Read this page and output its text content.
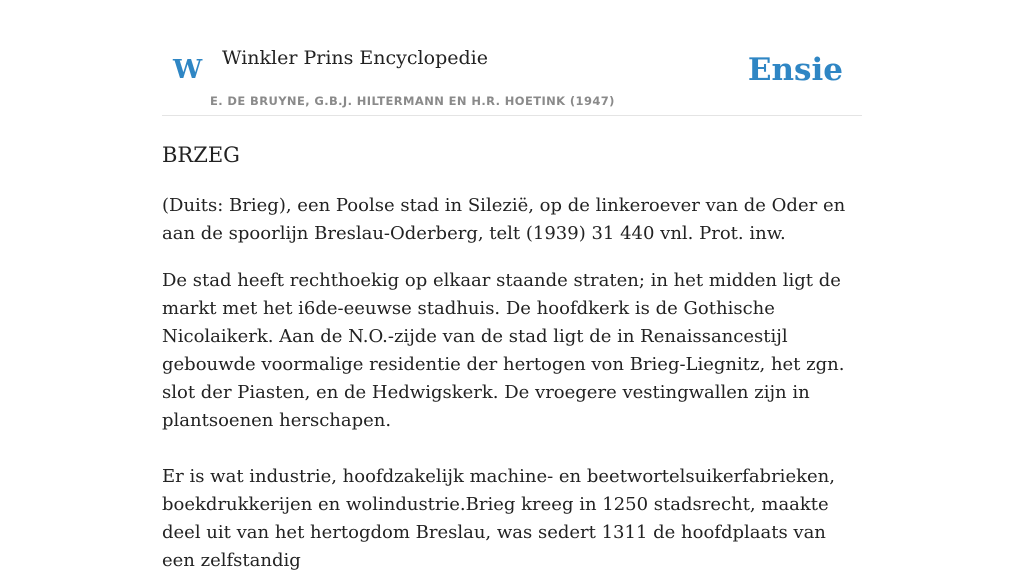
W Winkler Prins Encyclopedie
E. DE BRUYNE, G.B.J. HILTERMANN EN H.R. HOETINK (1947)
Ensie
BRZEG

(Duits: Brieg), een Poolse stad in Silezië, op de linkeroever van de Oder en aan de spoorlijn Breslau-Oderberg, telt (1939) 31 440 vnl. Prot. inw.

De stad heeft rechthoekig op elkaar staande straten; in het midden ligt de markt met het i6de-eeuwse stadhuis. De hoofdkerk is de Gothische Nicolaikerk. Aan de N.O.-zijde van de stad ligt de in Renaissancestijl gebouwde voormalige residentie der hertogen von Brieg-Liegnitz, het zgn. slot der Piasten, en de Hedwigskerk. De vroegere vestingwallen zijn in plantsoenen herschapen.

Er is wat industrie, hoofdzakelijk machine- en beetwortelsuikerfabrieken, boekdrukkerijen en wolindustrie.Brieg kreeg in 1250 stadsrecht, maakte deel uit van het hertogdom Breslau, was sedert 1311 de hoofdplaats van een zelfstandig
